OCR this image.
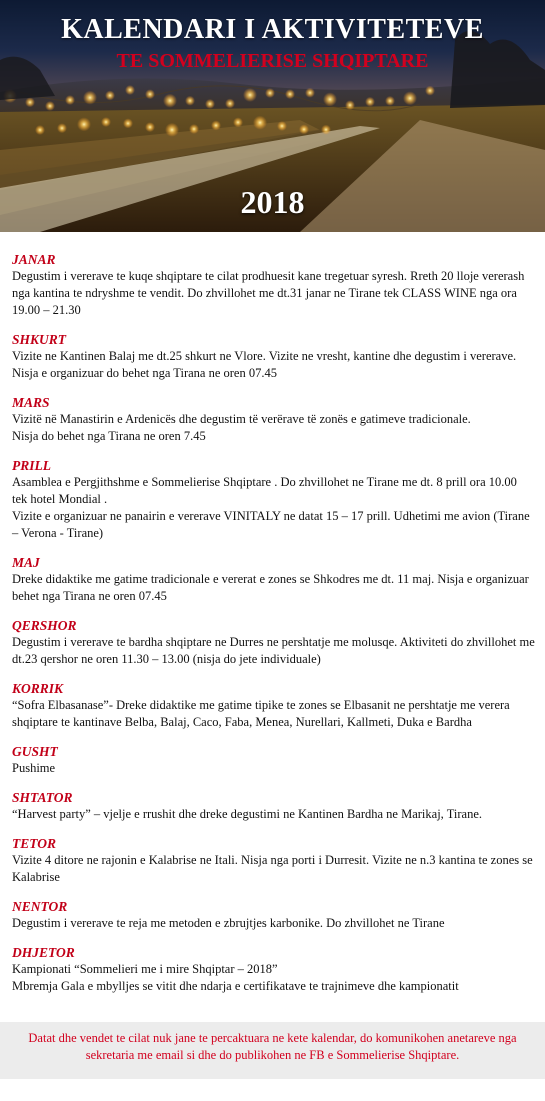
KALENDARI I AKTIVITETEVE
TE SOMMELIERISE SHQIPTARE
2018
JANAR
Degustim i vererave te kuqe shqiptare te cilat prodhuesit kane tregetuar syresh. Rreth 20 lloje vererash nga kantina te ndryshme te vendit. Do zhvillohet me dt.31 janar ne Tirane tek CLASS WINE nga ora 19.00 – 21.30
SHKURT
Vizite ne Kantinen Balaj me dt.25 shkurt ne Vlore. Vizite ne vresht, kantine dhe degustim i vererave.
Nisja e organizuar do behet nga Tirana ne oren 07.45
MARS
Vizitë në Manastirin e Ardenicës dhe degustim të verërave të zonës e gatimeve tradicionale.
Nisja do behet nga Tirana ne oren 7.45
PRILL
Asamblea e Pergjithshme e Sommelierise Shqiptare . Do zhvillohet ne Tirane me dt. 8 prill ora 10.00 tek hotel Mondial .
Vizite e organizuar ne panairin e vererave VINITALY ne datat 15 – 17 prill. Udhetimi me avion (Tirane – Verona - Tirane)
MAJ
Dreke didaktike me gatime tradicionale e vererat e zones se Shkodres me dt. 11 maj. Nisja e organizuar behet nga Tirana ne oren 07.45
QERSHOR
Degustim i vererave te bardha shqiptare ne Durres ne pershtatje me molusqe. Aktiviteti do zhvillohet me dt.23 qershor ne oren 11.30 – 13.00 (nisja do jete individuale)
KORRIK
“Sofra Elbasanase”- Dreke didaktike me gatime tipike te zones se Elbasanit ne pershtatje me verera shqiptare te kantinave Belba, Balaj, Caco, Faba, Menea, Nurellari, Kallmeti, Duka e Bardha
GUSHT
Pushime
SHTATOR
“Harvest party” – vjelje e rrushit dhe dreke degustimi ne Kantinen Bardha ne Marikaj, Tirane.
TETOR
Vizite 4 ditore ne rajonin e Kalabrise ne Itali. Nisja nga porti i Durresit. Vizite ne n.3 kantina te zones se Kalabrise
NENTOR
Degustim i vererave te reja me metoden e zbrujtjes karbonike. Do zhvillohet ne Tirane
DHJETOR
Kampionati “Sommelieri me i mire Shqiptar – 2018”
Mbremja Gala e mbylljes se vitit dhe ndarja e certifikatave te trajnimeve dhe kampionatit
Datat dhe vendet te cilat nuk jane te percaktuara ne kete kalendar, do komunikohen anetareve nga sekretaria me email si dhe do publikohen ne FB e Sommelierise Shqiptare.
